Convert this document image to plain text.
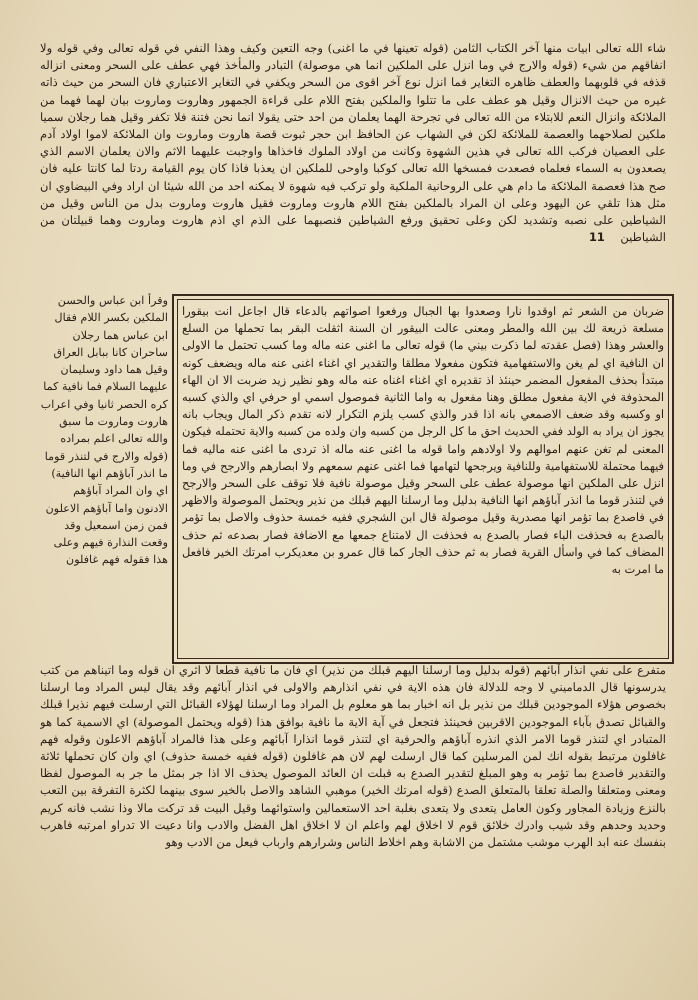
شاء الله تعالى ابيات منها آخر الكتاب الثامن (قوله تعينها في ما اغنى) وجه التعين وكيف وهذا النفي في قوله تعالى وفي قوله ولا انفاقهم من شيء (قوله والارج في وما انزل على الملكين انما هي موصولة) التبادر والمأخذ فهي عطف على السحر ومعنى انزاله قذفه في قلوبهما والعطف ظاهره التغاير فما انزل نوع آخر اقوى من السحر ويكفي في التغاير الاعتباري فان السحر من حيث ذاته غيره من حيث الانزال وقيل هو عطف على ما تتلوا والملكين بفتح اللام على قراءة الجمهور وهاروت وماروت بيان لهما فهما من الملائكة وانزال النعم للابتلاء من الله تعالى في تجرحة الهما يعلمان من احد حتى يقولا انما نحن فتنة فلا تكفر وقيل هما رجلان سميا ملكين لصلاحهما والعصمة للملائكة لكن في الشهاب عن الحافظ ابن حجر ثبوت قصة هاروت وماروت وان الملائكة لاموا اولاد آدم على العصيان فركب الله تعالى في هذين الشهوة وكانت من اولاد الملوك فاخذاها واوجبت عليهما الاثم والان يعلمان الاسم الذي يصعدون به السماء فعلماه فصعدت فمسخها الله تعالى كوكبا واوحى للملكين ان يعذبا فاذا كان يوم القيامة ردتا لما كانتا عليه فان صح هذا فعصمة الملائكة ما دام هي على الروحانية الملكية ولو تركب فيه شهوة لا يمكنه احد من الله شيئا ان اراد وفي البيضاوي ان مثل هذا تلقي عن اليهود وعلى ان المراد بالملكين بفتح اللام هاروت وماروت فقيل هاروت وماروت بدل من الناس وقيل من الشياطين على نصبه وتشديد لكن وعلى تحقيق ورفع الشياطين فنصبهما على الذم اي اذم هاروت وماروت وهما قبيلتان من الشياطين 11
وقرأ ابن عباس والحسن الملكين بكسر اللام فقال ابن عباس هما رجلان ساحران كانا ببابل العراق وقيل هما داود وسليمان عليهما السلام فما نافية كما كره الحصر ثانيا وفي اعراب هاروت وماروت ما سبق والله تعالى اعلم بمراده (قوله والارج في لتنذر قوما ما انذر آباؤهم انها النافية) اي وان المراد آباؤهم الادنون واما آباؤهم الاعلون فمن زمن اسمعيل وقد وقعت النذارة فيهم وعلى هذا فقوله فهم غافلون
ضربان من الشعر ثم اوقدوا نارا وصعدوا بها الجبال ورفعوا اصواتهم بالدعاء قال اجاعل انت بيقورا مسلعة ذريعة لك بين الله والمطر ومعنى عالت البيقور ان السنة اثقلت البقر بما تحملها من السلع والعشر وهذا (فصل عقدته لما ذكرت بيني ما) قوله تعالى ما اغنى عنه ماله وما كسب تحتمل ما الاولى ان النافية اي لم يغن والاستفهامية فتكون مفعولا مطلقا والتقدير اي اغناء اغنى عنه ماله ويضعف كونه مبتدأ بحذف المفعول المضمر حينئذ اذ تقديره اي اغناء اغناه عنه ماله وهو نظير زيد ضربت الا ان الهاء المحذوفة في الاية مفعول مطلق وهنا مفعول به واما الثانية فموصول اسمي او حرفي اي والذي كسبه او وكسبه وقد ضعف الاصمعي بانه اذا قدر والذي كسب يلزم التكرار لانه تقدم ذكر المال ويجاب بانه يجوز ان يراد به الولد ففي الحديث احق ما كل الرجل من كسبه وان ولده من كسبه والاية تحتمله فيكون المعنى لم تغن عنهم اموالهم ولا اولادهم واما قوله ما اغنى عنه ماله اذ تردى ما اغنى عنه ماليه فما فيهما محتملة للاستفهامية وللنافية ويرجحها لتهامها فما اغنى عنهم سمعهم ولا ابصارهم والارجح في وما انزل على الملكين انها موصولة عطف على السحر وقيل موصولة نافية فلا توقف على السحر والارجح في لتنذر قوما ما انذر آباؤهم انها النافية بدليل وما ارسلنا اليهم قبلك من نذير ويحتمل الموصولة والاظهر في فاصدع بما تؤمر انها مصدرية وقيل موصولة قال ابن الشجري ففيه خمسة حذوف والاصل بما تؤمر بالصدع به فحذفت الباء فصار بالصدع به فحذفت ال لامتناع جمعها مع الاضافة فصار بصدعه ثم حذف المضاف كما في واسأل القرية فصار به ثم حذف الجار كما قال عمرو بن معديكرب امرتك الخير فافعل ما امرت به
متفرع على نفي انذار آبائهم (قوله بدليل وما ارسلنا اليهم قبلك من نذير) اي فان ما نافية قطعا لا اثري ان قوله وما اتيناهم من كتب يدرسونها قال الدماميني لا وجه للدلالة فان هذه الاية في نفي انذارهم والاولى في انذار آبائهم وقد يقال ليس المراد وما ارسلنا بخصوص هؤلاء الموجودين قبلك من نذير بل انه اخبار بما هو معلوم بل المراد وما ارسلنا لهؤلاء القبائل التي ارسلت فيهم نذيرا قبلك والقبائل تصدق بآباء الموجودين الاقربين فحينئذ فتجعل في آية الاية ما نافية بوافق هذا (قوله ويحتمل الموصولة) اي الاسمية كما هو المتبادر اي لتنذر قوما الامر الذي انذره آباؤهم والحرفية اي لتنذر قوما انذارا آبائهم وعلى هذا فالمراد آباؤهم الاعلون وقوله فهم غافلون مرتبط بقوله انك لمن المرسلين كما قال ارسلت لهم لان هم غافلون (قوله ففيه خمسة حذوف) اي وان كان تحملها ثلاثة والتقدير فاصدع بما تؤمر به وهو المبلغ لتقدير الصدع به قبلت ان العائد الموصول يحذف الا اذا جر بمثل ما جر به الموصول لفظا ومعنى ومتعلقا والصلة تعلقا بالمتعلق الصدع (قوله امرتك الخير) موهبي الشاهد والاصل بالخير سوى بينهما لكثرة التفرقة بين التعب بالنزع وزيادة المجاور وكون العامل يتعدى ولا يتعدى بغلبة احد الاستعمالين واستوائهما وقيل البيت قد تركت مالا وذا نشب فانه كريم وحديد وحدهم وقد شيب وادرك خلائق قوم لا اخلاق لهم واعلم ان لا اخلاق اهل الفضل والادب وانا دعيت الا تدراو امرتبه فاهرب بنفسك عنه ابد الهرب موشب مشتمل من الاشابة وهم اخلاط الناس وشرارهم وارباب فيعل من الادب وهو
